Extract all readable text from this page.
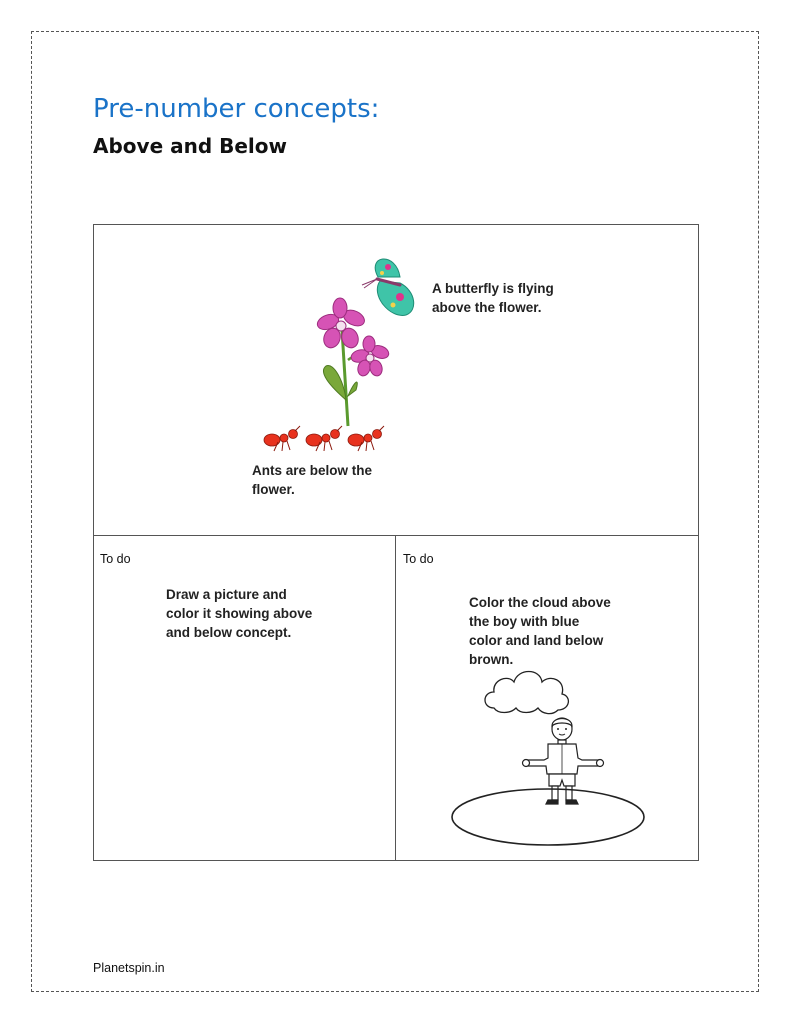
Pre-number concepts:
Above and Below
A butterfly is flying
above the flower.
Ants are below the
flower.
To do
Draw a picture and
color it showing above
and below concept.
To do
Color the cloud above
the boy with blue
color and land below
brown.
Planetspin.in
